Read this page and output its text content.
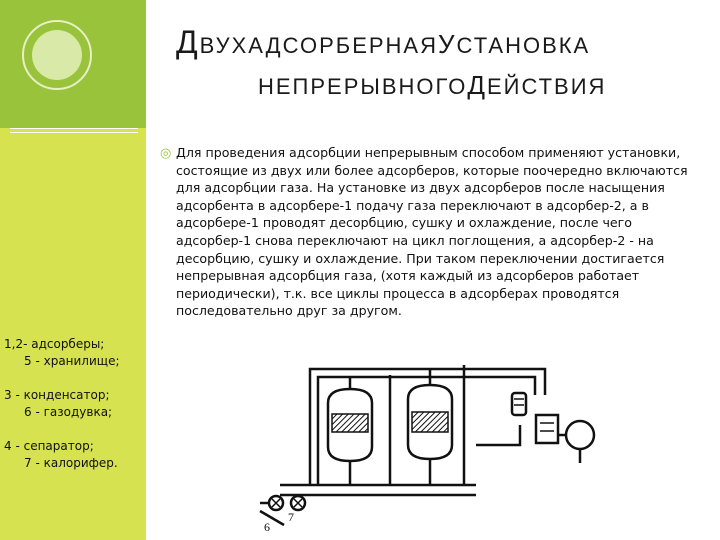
ДВУХАДСОРБЕРНАЯУСТАНОВКА
НЕПРЕРЫВНОГОДЕЙСТВИЯ
◎ Для проведения адсорбции непрерывным способом применяют установки, состоящие из двух или более адсорберов, которые поочередно включаются для адсорбции газа. На установке из двух адсорберов после насыщения адсорбента в адсорбере-1 подачу газа переключают в адсорбер-2, а в адсорбере-1 проводят десорбцию, сушку и охлаждение, после чего адсорбер-1 снова переключают на цикл поглощения, а адсорбер-2 - на десорбцию, сушку и охлаждение. При таком переключении достигается непрерывная адсорбция газа, (хотя каждый из адсорберов работает периодически), т.к. все циклы процесса в адсорберах проводятся последовательно друг за другом.
1,2- адсорберы;
5 - хранилище;
3 - конденсатор;
6 - газодувка;
4 - сепаратор;
7 - калорифер.
6
7
